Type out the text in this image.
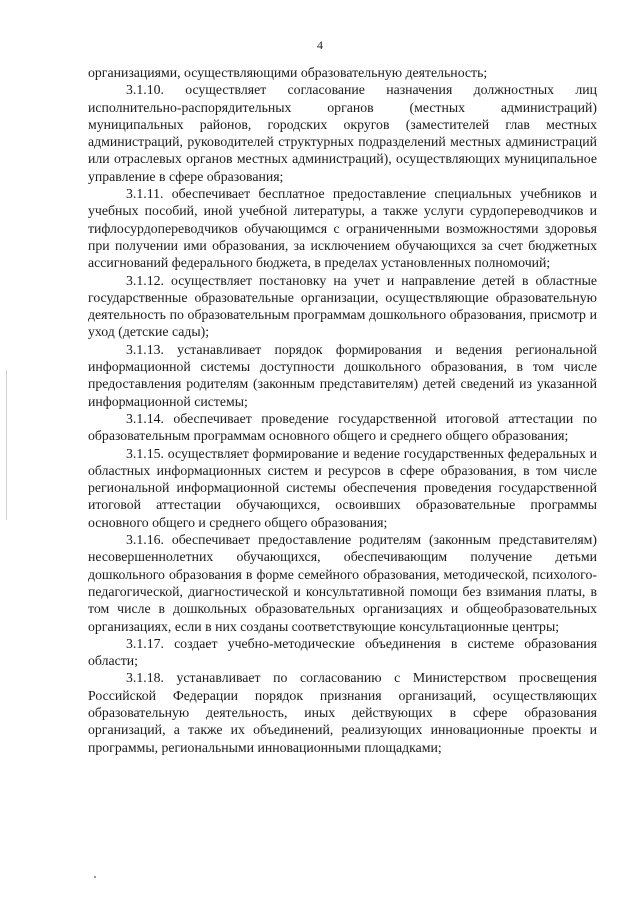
4

организациями, осуществляющими образовательную деятельность;

3.1.10. осуществляет согласование назначения должностных лиц исполнительно-распорядительных органов (местных администраций) муниципальных районов, городских округов (заместителей глав местных администраций, руководителей структурных подразделений местных администраций или отраслевых органов местных администраций), осуществляющих муниципальное управление в сфере образования;

3.1.11. обеспечивает бесплатное предоставление специальных учебников и учебных пособий, иной учебной литературы, а также услуги сурдопереводчиков и тифлосурдопереводчиков обучающимся с ограниченными возможностями здоровья при получении ими образования, за исключением обучающихся за счет бюджетных ассигнований федерального бюджета, в пределах установленных полномочий;

3.1.12. осуществляет постановку на учет и направление детей в областные государственные образовательные организации, осуществляющие образовательную деятельность по образовательным программам дошкольного образования, присмотр и уход (детские сады);

3.1.13. устанавливает порядок формирования и ведения региональной информационной системы доступности дошкольного образования, в том числе предоставления родителям (законным представителям) детей сведений из указанной информационной системы;

3.1.14. обеспечивает проведение государственной итоговой аттестации по образовательным программам основного общего и среднего общего образования;

3.1.15. осуществляет формирование и ведение государственных федеральных и областных информационных систем и ресурсов в сфере образования, в том числе региональной информационной системы обеспечения проведения государственной итоговой аттестации обучающихся, освоивших образовательные программы основного общего и среднего общего образования;

3.1.16. обеспечивает предоставление родителям (законным представителям) несовершеннолетних обучающихся, обеспечивающим получение детьми дошкольного образования в форме семейного образования, методической, психолого-педагогической, диагностической и консультативной помощи без взимания платы, в том числе в дошкольных образовательных организациях и общеобразовательных организациях, если в них созданы соответствующие консультационные центры;

3.1.17. создает учебно-методические объединения в системе образования области;

3.1.18. устанавливает по согласованию с Министерством просвещения Российской Федерации порядок признания организаций, осуществляющих образовательную деятельность, иных действующих в сфере образования организаций, а также их объединений, реализующих инновационные проекты и программы, региональными инновационными площадками;
